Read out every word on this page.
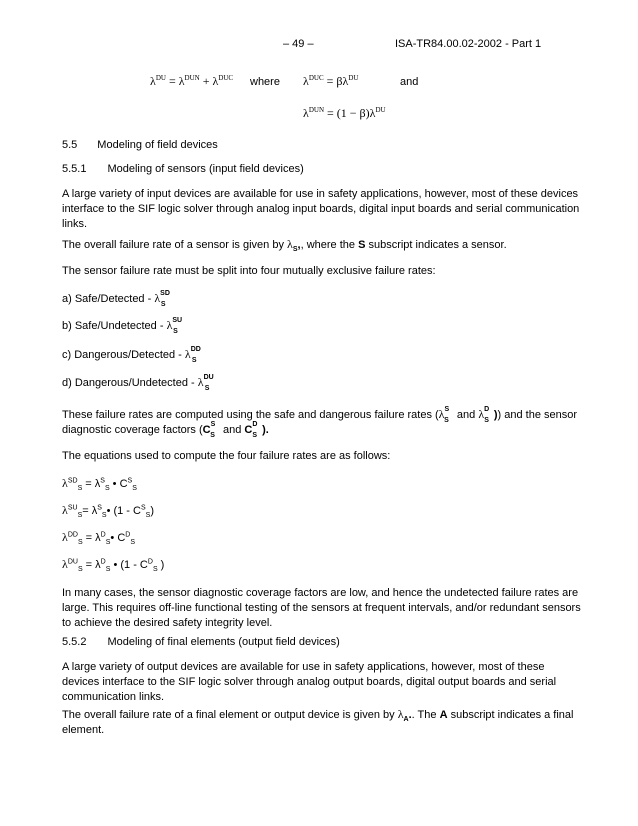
– 49 –	ISA-TR84.00.02-2002 - Part 1
$\lambda^{DU} = \lambda^{DUN} + \lambda^{DUC}$ where $\lambda^{DUC} = \beta\lambda^{DU}$	and
$\lambda^{DUN} = (1 - \beta)\lambda^{DU}$
5.5 Modeling of field devices
5.5.1 Modeling of sensors (input field devices)
A large variety of input devices are available for use in safety applications, however, most of these devices interface to the SIF logic solver through analog input boards, digital input boards and serial communication links.
The overall failure rate of a sensor is given by $\lambda_S$,, where the S subscript indicates a sensor.
The sensor failure rate must be split into four mutually exclusive failure rates:
a) Safe/Detected - $\lambda^{SD}_S$
b) Safe/Undetected - $\lambda^{SU}_S$
c) Dangerous/Detected - $\lambda^{DD}_S$
d) Dangerous/Undetected - $\lambda^{DU}_S$
These failure rates are computed using the safe and dangerous failure rates ($\lambda^S_S$ and $\lambda^D_S$ )) and the sensor
diagnostic coverage factors ($C^S_S$ and $C^D_S$ ).
The equations used to compute the four failure rates are as follows:
$\lambda^{SD}_S = \lambda^S_S$ • $C^S_S$
$\lambda^{SU}_S=$ $\lambda^S_S•$ $(1 - C^S_S)$
$\lambda^{DD}_S$ = $\lambda^D_S•$ $C^D_S$
$\lambda^{DU}_S = \lambda^D_S$ • ($1 - C^D_S$ )
In many cases, the sensor diagnostic coverage factors are low, and hence the undetected failure rates are large. This requires off-line functional testing of the sensors at frequent intervals, and/or redundant sensors to achieve the desired safety integrity level.
5.5.2 Modeling of final elements (output field devices)
A large variety of output devices are available for use in safety applications, however, most of these devices interface to the SIF logic solver through analog output boards, digital output boards and serial communication links.
The overall failure rate of a final element or output device is given by $\lambda_A$.. The A subscript indicates a final element.
